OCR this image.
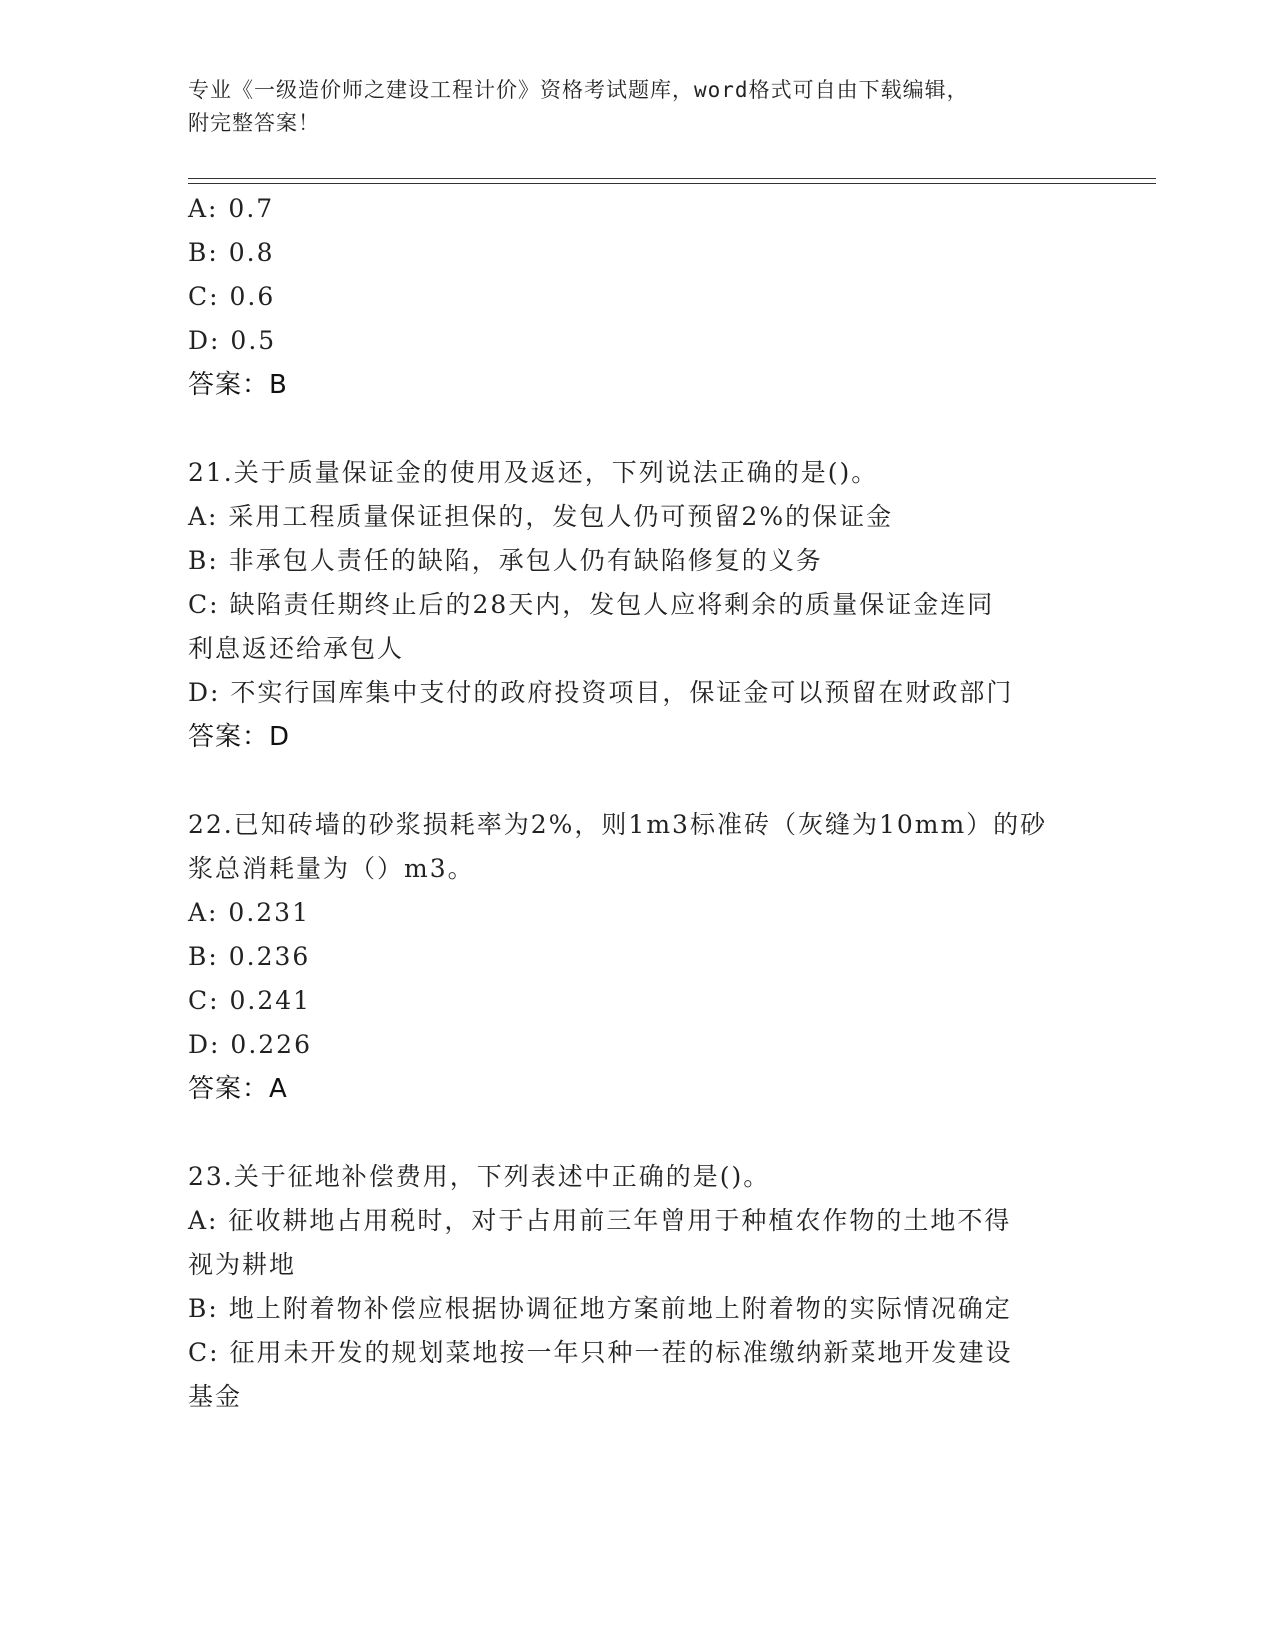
专业《一级造价师之建设工程计价》资格考试题库，word格式可自由下载编辑，
附完整答案！
A: 0.7
B: 0.8
C: 0.6
D: 0.5
答案：B
21.关于质量保证金的使用及返还，下列说法正确的是()。
A: 采用工程质量保证担保的，发包人仍可预留2%的保证金
B: 非承包人责任的缺陷，承包人仍有缺陷修复的义务
C: 缺陷责任期终止后的28天内，发包人应将剩余的质量保证金连同
利息返还给承包人
D: 不实行国库集中支付的政府投资项目，保证金可以预留在财政部门
答案：D
22.已知砖墙的砂浆损耗率为2%，则1m3标准砖（灰缝为10mm）的砂
浆总消耗量为（）m3。
A: 0.231
B: 0.236
C: 0.241
D: 0.226
答案：A
23.关于征地补偿费用，下列表述中正确的是()。
A: 征收耕地占用税时，对于占用前三年曾用于种植农作物的土地不得
视为耕地
B: 地上附着物补偿应根据协调征地方案前地上附着物的实际情况确定
C: 征用未开发的规划菜地按一年只种一茬的标准缴纳新菜地开发建设
基金
